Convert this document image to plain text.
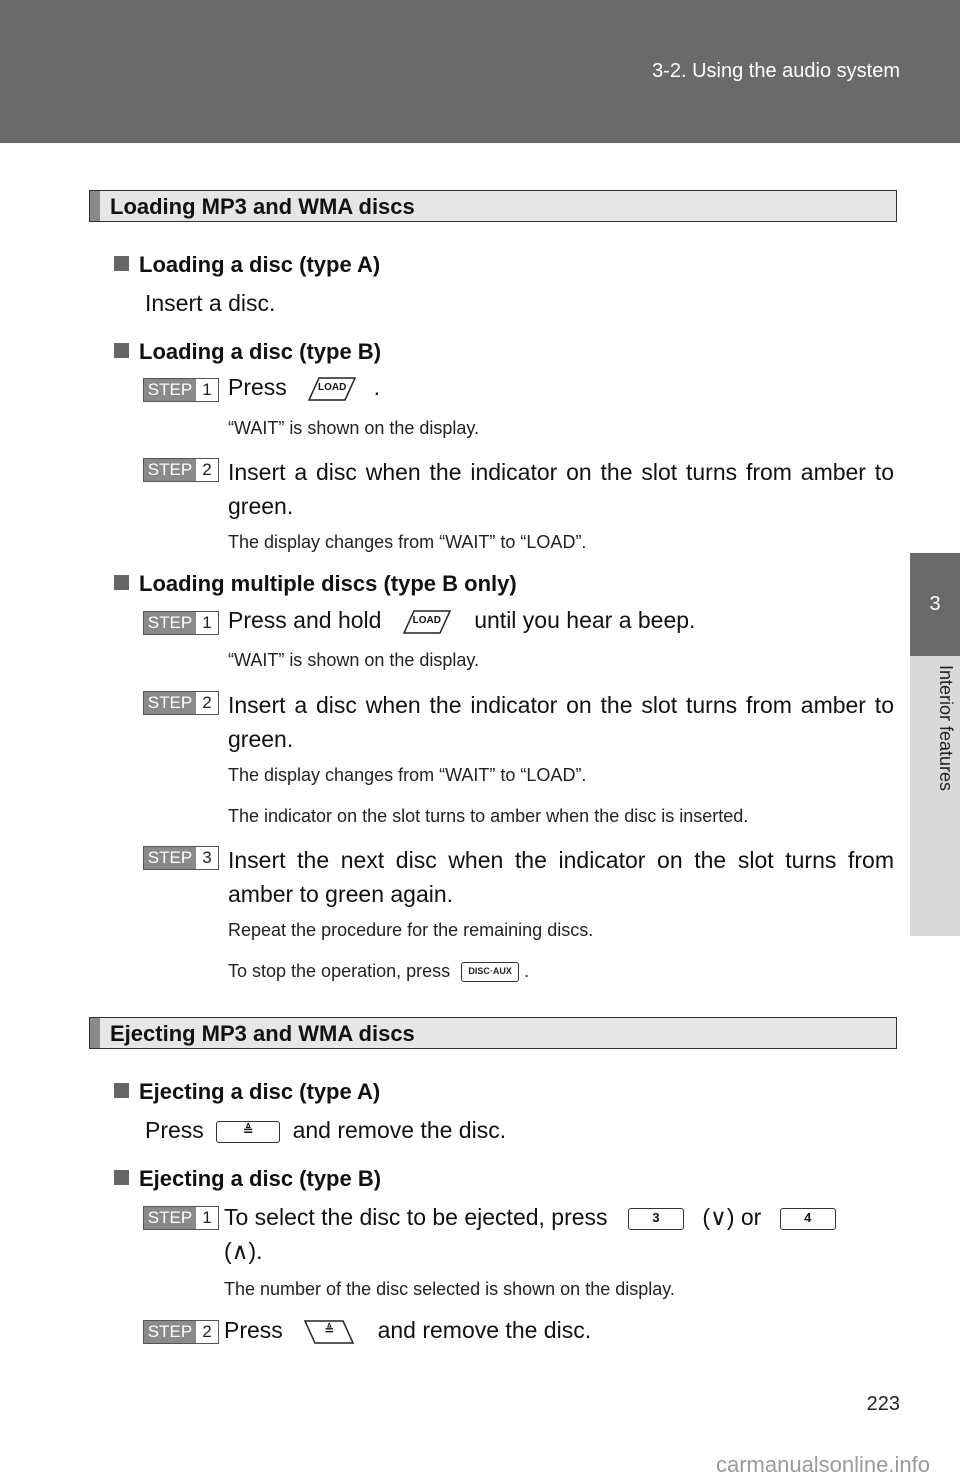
3-2. Using the audio system
3
Interior features
Loading MP3 and WMA discs
Loading a disc (type A)
Insert a disc.
Loading a disc (type B)
STEP 1 Press	LOAD	.
“WAIT” is shown on the display.
STEP 2 Insert a disc when the indicator on the slot turns from amber to green.
The display changes from “WAIT” to “LOAD”.
Loading multiple discs (type B only)
STEP 1 Press and hold	LOAD	until you hear a beep.
“WAIT” is shown on the display.
STEP 2 Insert a disc when the indicator on the slot turns from amber to green.
The display changes from “WAIT” to “LOAD”.
The indicator on the slot turns to amber when the disc is inserted.
STEP 3 Insert the next disc when the indicator on the slot turns from amber to green again.
Repeat the procedure for the remaining discs.
To stop the operation, press DISC·AUX .
Ejecting MP3 and WMA discs
Ejecting a disc (type A)
Press	≜ and remove the disc.
Ejecting a disc (type B)
STEP 1 To select the disc to be ejected, press	3 (∨) or	4
(∧).
The number of the disc selected is shown on the display.
STEP 2 Press	≜	and remove the disc.
223
carmanualsonline.info
